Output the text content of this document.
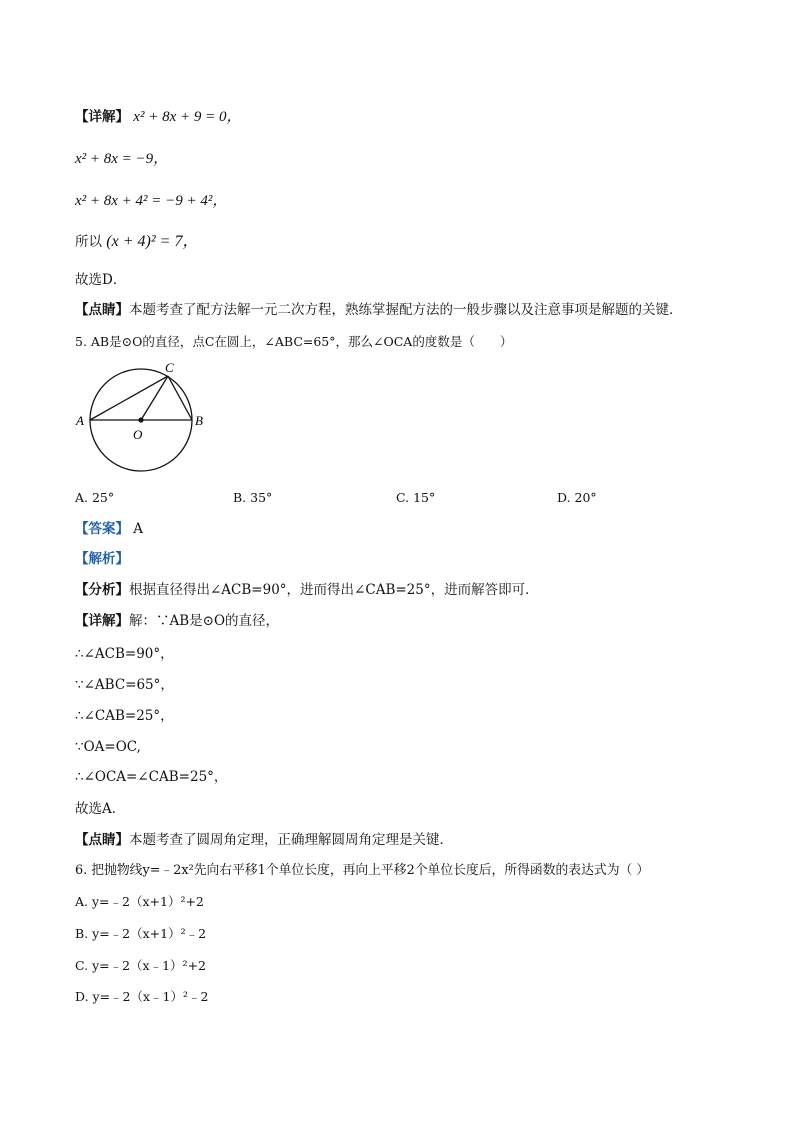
【详解】 x² + 8x + 9 = 0，
x² + 8x = −9，
x² + 8x + 4² = −9 + 4²，
所以 (x + 4)² = 7，
故选D．
【点睛】本题考查了配方法解一元二次方程，熟练掌握配方法的一般步骤以及注意事项是解题的关键．
5. AB是⊙O的直径，点C在圆上，∠ABC=65°，那么∠OCA的度数是（　　）
A	B
C
O
A. 25°	B. 35°	C. 15°	D. 20°
【答案】 A
【解析】
【分析】根据直径得出∠ACB=90°，进而得出∠CAB=25°，进而解答即可．
【详解】解：∵AB是⊙O的直径，
∴∠ACB=90°，
∵∠ABC=65°，
∴∠CAB=25°，
∵OA=OC,
∴∠OCA=∠CAB=25°，
故选A．
【点睛】本题考查了圆周角定理，正确理解圆周角定理是关键．
6. 把抛物线y=﹣2x²先向右平移1个单位长度，再向上平移2个单位长度后，所得函数的表达式为（ ）
A. y=﹣2（x+1）²+2
B. y=﹣2（x+1）²﹣2
C. y=﹣2（x﹣1）²+2
D. y=﹣2（x﹣1）²﹣2
